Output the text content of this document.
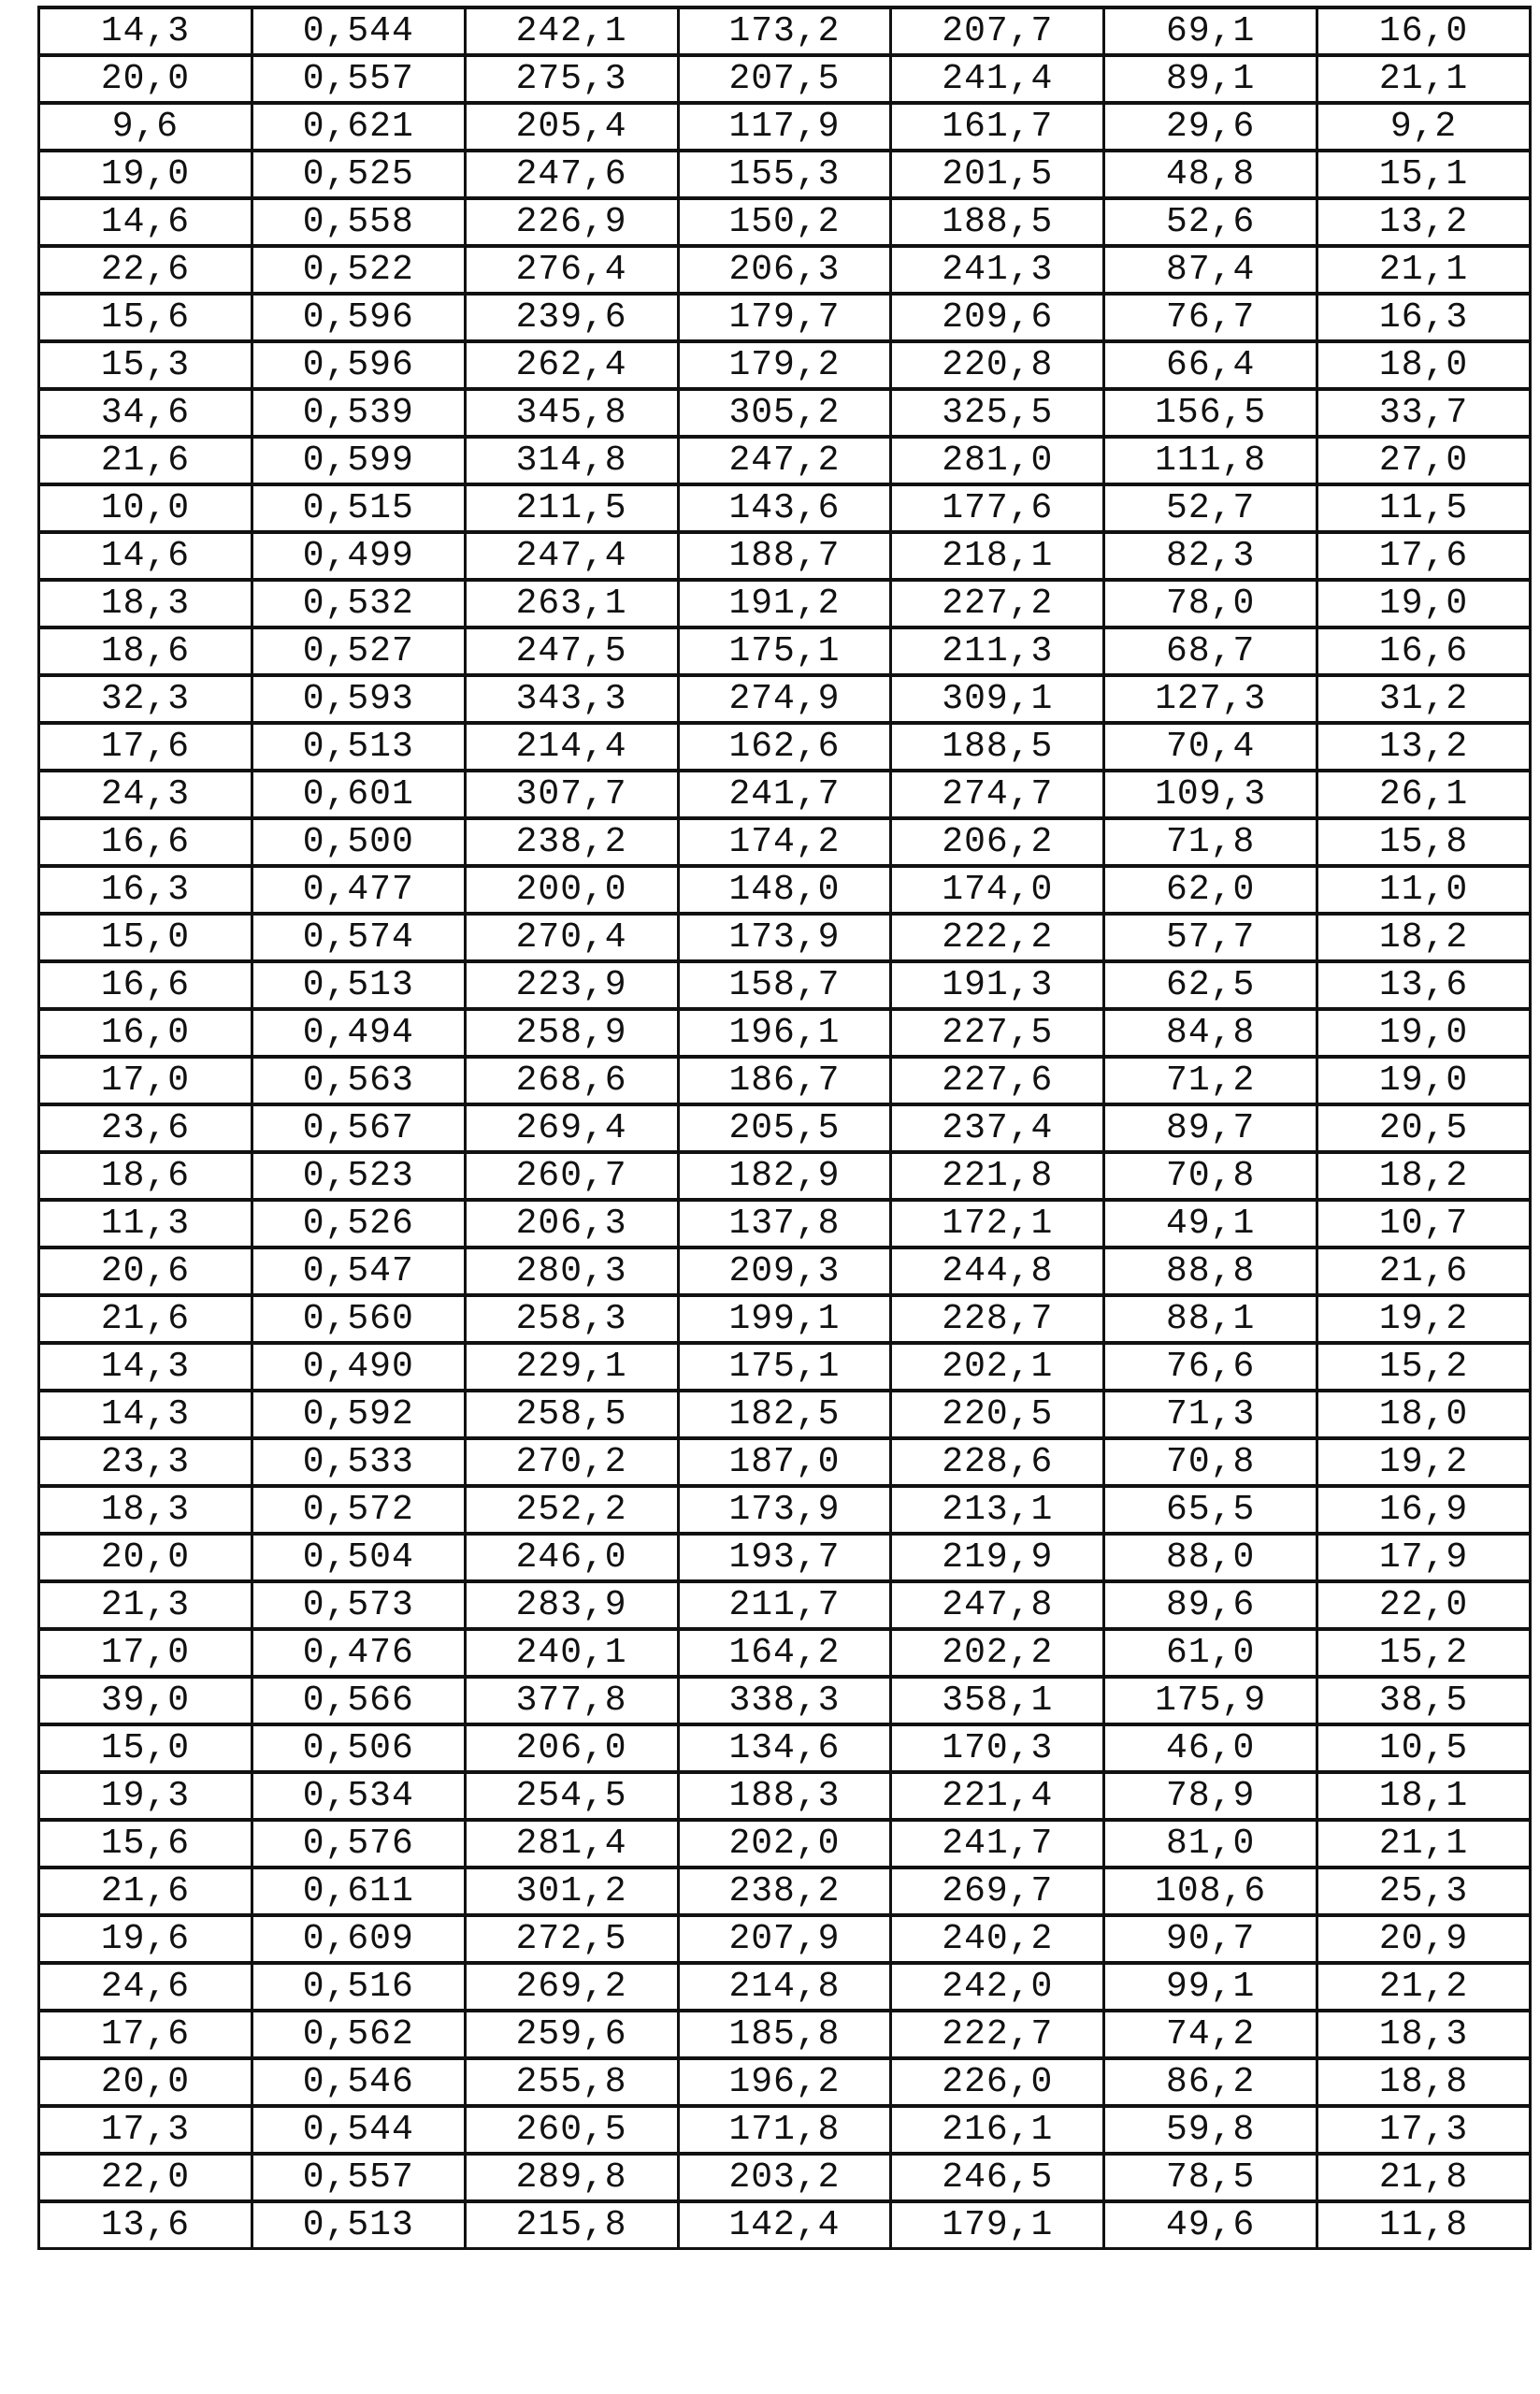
14,3	0,544	242,1	173,2	207,7	69,1	16,0
20,0	0,557	275,3	207,5	241,4	89,1	21,1
9,6	0,621	205,4	117,9	161,7	29,6	9,2
19,0	0,525	247,6	155,3	201,5	48,8	15,1
14,6	0,558	226,9	150,2	188,5	52,6	13,2
22,6	0,522	276,4	206,3	241,3	87,4	21,1
15,6	0,596	239,6	179,7	209,6	76,7	16,3
15,3	0,596	262,4	179,2	220,8	66,4	18,0
34,6	0,539	345,8	305,2	325,5	156,5	33,7
21,6	0,599	314,8	247,2	281,0	111,8	27,0
10,0	0,515	211,5	143,6	177,6	52,7	11,5
14,6	0,499	247,4	188,7	218,1	82,3	17,6
18,3	0,532	263,1	191,2	227,2	78,0	19,0
18,6	0,527	247,5	175,1	211,3	68,7	16,6
32,3	0,593	343,3	274,9	309,1	127,3	31,2
17,6	0,513	214,4	162,6	188,5	70,4	13,2
24,3	0,601	307,7	241,7	274,7	109,3	26,1
16,6	0,500	238,2	174,2	206,2	71,8	15,8
16,3	0,477	200,0	148,0	174,0	62,0	11,0
15,0	0,574	270,4	173,9	222,2	57,7	18,2
16,6	0,513	223,9	158,7	191,3	62,5	13,6
16,0	0,494	258,9	196,1	227,5	84,8	19,0
17,0	0,563	268,6	186,7	227,6	71,2	19,0
23,6	0,567	269,4	205,5	237,4	89,7	20,5
18,6	0,523	260,7	182,9	221,8	70,8	18,2
11,3	0,526	206,3	137,8	172,1	49,1	10,7
20,6	0,547	280,3	209,3	244,8	88,8	21,6
21,6	0,560	258,3	199,1	228,7	88,1	19,2
14,3	0,490	229,1	175,1	202,1	76,6	15,2
14,3	0,592	258,5	182,5	220,5	71,3	18,0
23,3	0,533	270,2	187,0	228,6	70,8	19,2
18,3	0,572	252,2	173,9	213,1	65,5	16,9
20,0	0,504	246,0	193,7	219,9	88,0	17,9
21,3	0,573	283,9	211,7	247,8	89,6	22,0
17,0	0,476	240,1	164,2	202,2	61,0	15,2
39,0	0,566	377,8	338,3	358,1	175,9	38,5
15,0	0,506	206,0	134,6	170,3	46,0	10,5
19,3	0,534	254,5	188,3	221,4	78,9	18,1
15,6	0,576	281,4	202,0	241,7	81,0	21,1
21,6	0,611	301,2	238,2	269,7	108,6	25,3
19,6	0,609	272,5	207,9	240,2	90,7	20,9
24,6	0,516	269,2	214,8	242,0	99,1	21,2
17,6	0,562	259,6	185,8	222,7	74,2	18,3
20,0	0,546	255,8	196,2	226,0	86,2	18,8
17,3	0,544	260,5	171,8	216,1	59,8	17,3
22,0	0,557	289,8	203,2	246,5	78,5	21,8
13,6	0,513	215,8	142,4	179,1	49,6	11,8
